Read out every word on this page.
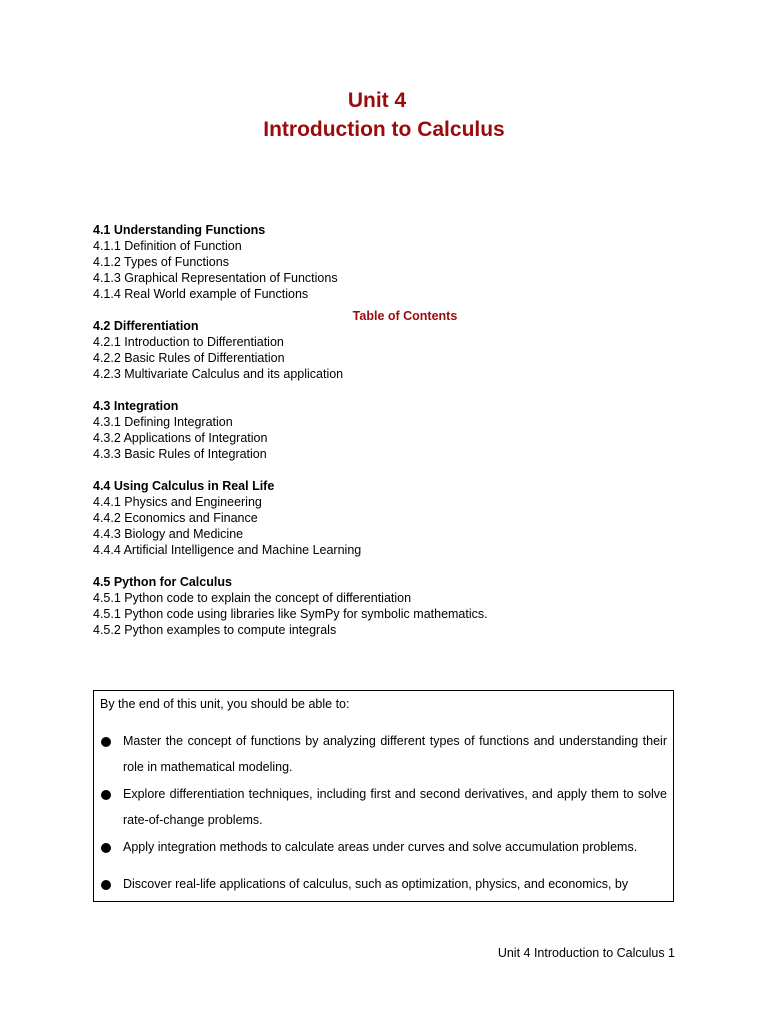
Unit 4
Introduction to Calculus
Table of Contents
4.1 Understanding Functions
4.1.1 Definition of Function
4.1.2 Types of Functions
4.1.3 Graphical Representation of Functions
4.1.4 Real World example of Functions
4.2 Differentiation
4.2.1 Introduction to Differentiation
4.2.2 Basic Rules of Differentiation
4.2.3 Multivariate Calculus and its application
4.3 Integration
4.3.1 Defining Integration
4.3.2 Applications of Integration
4.3.3 Basic Rules of Integration
4.4 Using Calculus in Real Life
4.4.1 Physics and Engineering
4.4.2 Economics and Finance
4.4.3 Biology and Medicine
4.4.4 Artificial Intelligence and Machine Learning
4.5 Python for Calculus
4.5.1 Python code to explain the concept of differentiation
4.5.1 Python code using libraries like SymPy for symbolic mathematics.
4.5.2 Python examples to compute integrals
By the end of this unit, you should be able to:
Master the concept of functions by analyzing different types of functions and understanding their role in mathematical modeling.
Explore differentiation techniques, including first and second derivatives, and apply them to solve rate-of-change problems.
Apply integration methods to calculate areas under curves and solve accumulation problems.
Discover real-life applications of calculus, such as optimization, physics, and economics, by
Unit 4 Introduction to Calculus 1
